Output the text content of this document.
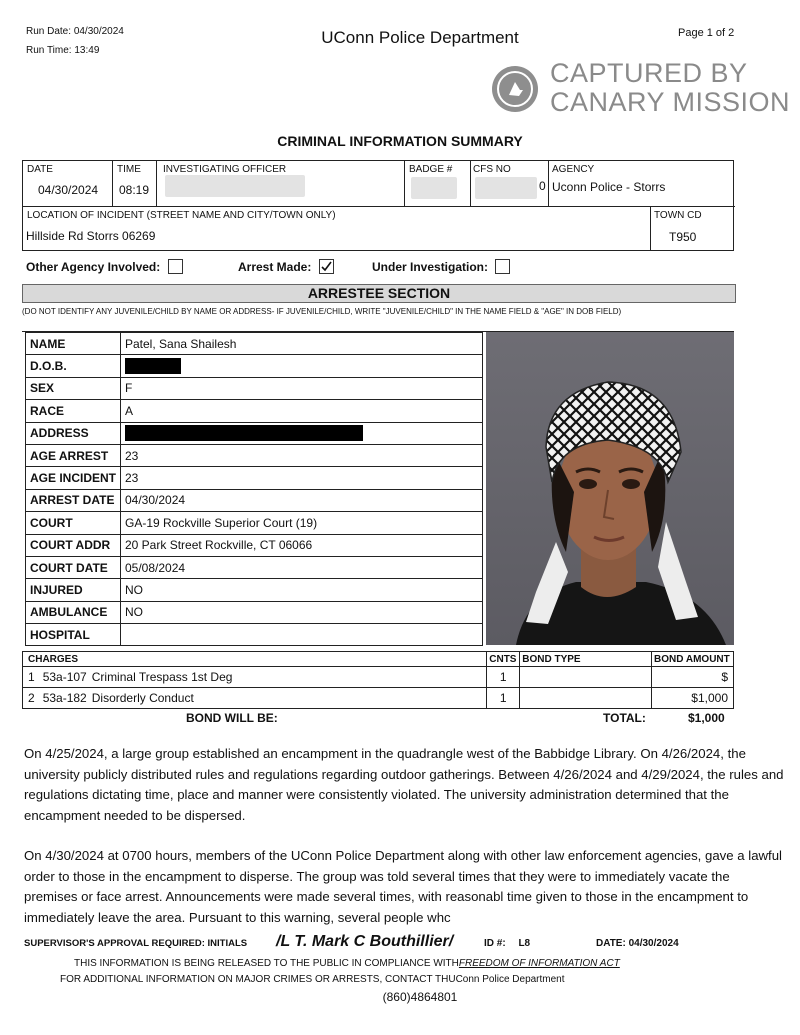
Run Date: 04/30/2024
Run Time: 13:49
UConn Police Department	Page 1 of 2
CAPTURED BY
CANARY MISSION
CRIMINAL INFORMATION SUMMARY
DATE
04/30/2024
TIME
08:19
INVESTIGATING OFFICER	BADGE # CFS NO
0
AGENCY
Uconn Police - Storrs
LOCATION OF INCIDENT (STREET NAME AND CITY/TOWN ONLY)
Hillside Rd Storrs 06269
TOWN CD
T950
Other Agency Involved:	Arrest Made:	Under Investigation:
ARRESTEE SECTION
(DO NOT IDENTIFY ANY JUVENILE/CHILD BY NAME OR ADDRESS- IF JUVENILE/CHILD, WRITE "JUVENILE/CHILD" IN THE NAME FIELD & "AGE" IN DOB FIELD)
NAME	Patel, Sana Shailesh
D.O.B.	
SEX	F
RACE	A
ADDRESS	
AGE ARREST	23
AGE INCIDENT	23
ARREST DATE	04/30/2024
COURT	GA-19 Rockville Superior Court (19)
COURT ADDR	20 Park Street Rockville, CT 06066
COURT DATE	05/08/2024
INJURED	NO
AMBULANCE	NO
HOSPITAL	
CHARGES	CNTS	BOND TYPE	BOND AMOUNT
1 53a-107 Criminal Trespass 1st Deg	1		$
2 53a-182 Disorderly Conduct	1		$1,000
BOND WILL BE:	TOTAL:	$1,000

On 4/25/2024, a large group established an encampment in the quadrangle west of the Babbidge Library. On 4/26/2024, the university publicly distributed rules and regulations regarding outdoor gatherings. Between 4/26/2024 and 4/29/2024, the rules and regulations dictating time, place and manner were consistently violated. The university administration determined that the encampment needed to be dispersed.

On 4/30/2024 at 0700 hours, members of the UConn Police Department along with other law enforcement agencies, gave a lawful order to those in the encampment to disperse. The group was told several times that they were to immediately vacate the premises or face arrest. Announcements were made several times, with reasonabl time given to those in the encampment to immediately leave the area. Pursuant to this warning, several people whc

SUPERVISOR'S APPROVAL REQUIRED: INITIALS /L T. Mark C Bouthillier/	ID #: L8	DATE: 04/30/2024
THIS INFORMATION IS BEING RELEASED TO THE PUBLIC IN COMPLIANCE WITHFREEDOM OF INFORMATION ACT
FOR ADDITIONAL INFORMATION ON MAJOR CRIMES OR ARRESTS, CONTACT THUConn Police Department
(860)4864801
